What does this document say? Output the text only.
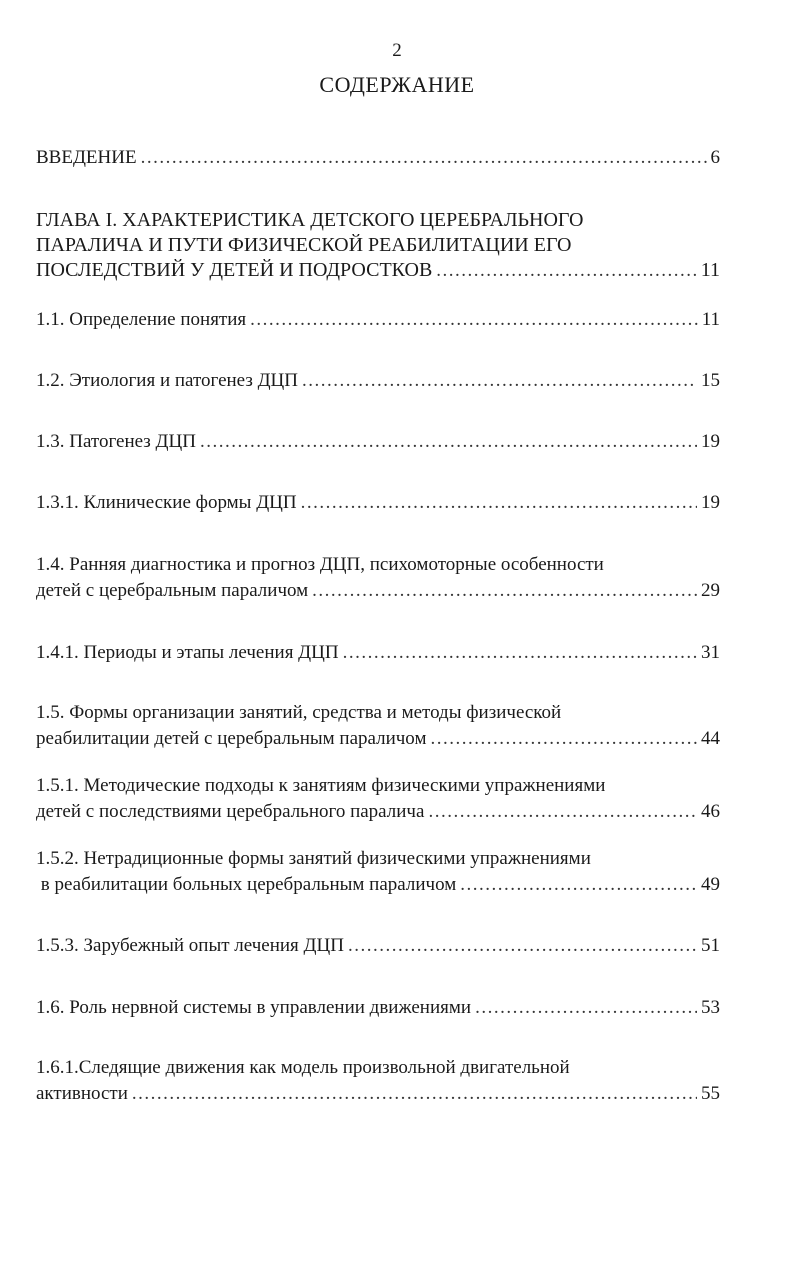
2
СОДЕРЖАНИЕ
ВВЕДЕНИЕ .....	6
ГЛАВА I. ХАРАКТЕРИСТИКА ДЕТСКОГО ЦЕРЕБРАЛЬНОГО
ПАРАЛИЧА И ПУТИ ФИЗИЧЕСКОЙ РЕАБИЛИТАЦИИ ЕГО
ПОСЛЕДСТВИЙ У ДЕТЕЙ И ПОДРОСТКОВ .....	11
1.1. Определение понятия .....	11
1.2. Этиология и патогенез ДЦП .....	15
1.3. Патогенез ДЦП .....	19
1.3.1. Клинические формы ДЦП .....	19
1.4. Ранняя диагностика и прогноз ДЦП, психомоторные особенности
детей с церебральным параличом .....	29
1.4.1. Периоды и этапы лечения ДЦП .....	31
1.5. Формы организации занятий, средства и методы физической
реабилитации детей с церебральным параличом .....	44
1.5.1. Методические подходы к занятиям физическими упражнениями
детей с последствиями церебрального паралича .....	46
1.5.2. Нетрадиционные формы занятий физическими упражнениями
в реабилитации больных церебральным параличом .....	49
1.5.3. Зарубежный опыт лечения ДЦП .....	51
1.6. Роль нервной системы в управлении движениями .....	53
1.6.1.Следящие движения как модель произвольной двигательной
активности .....	55
